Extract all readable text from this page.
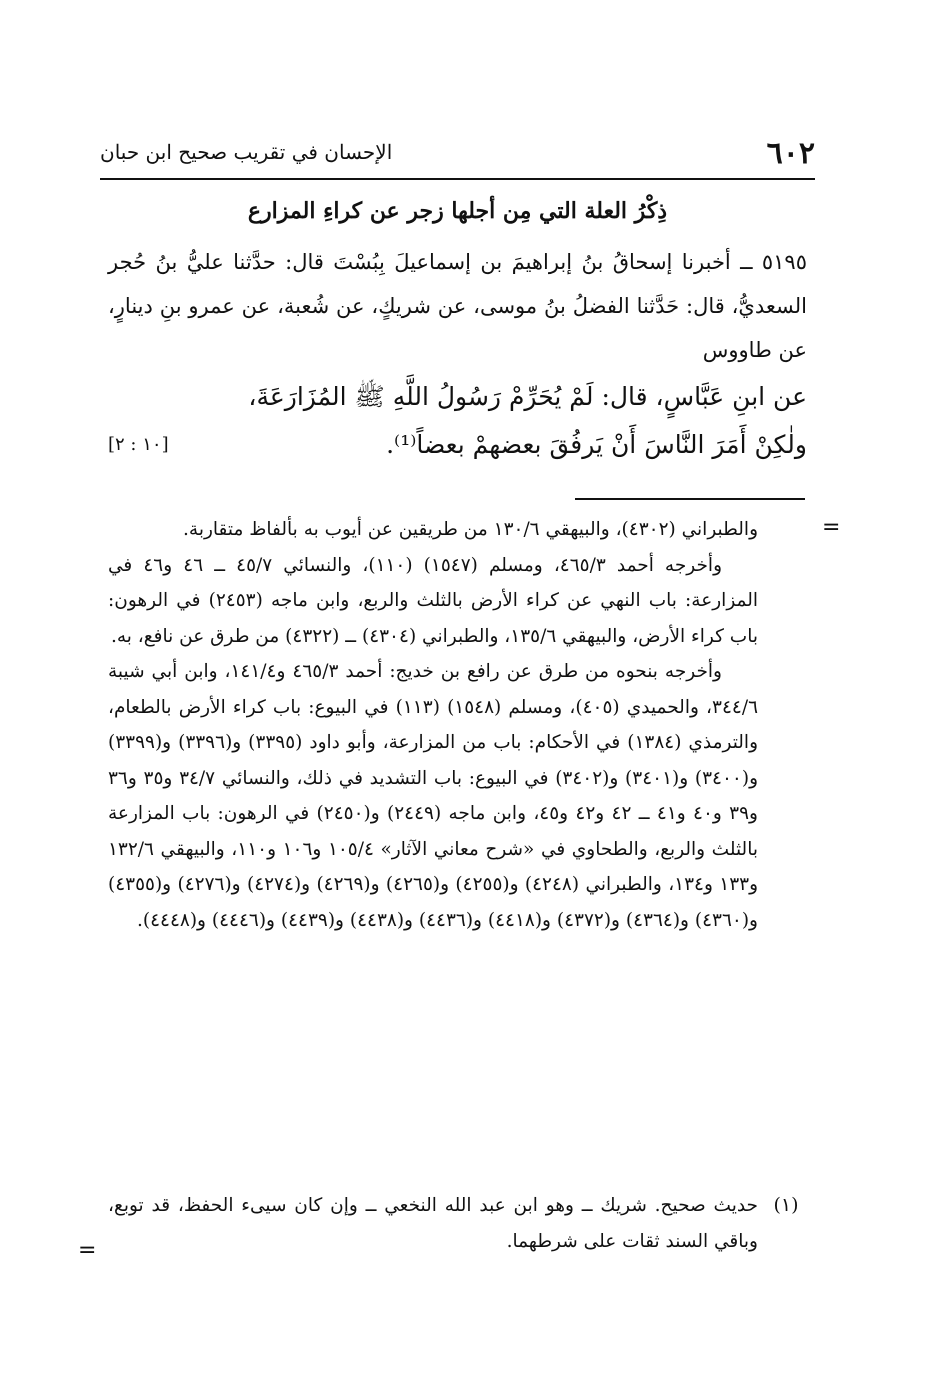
٦٠٢
الإحسان في تقريب صحيح ابن حبان
ذِكْرُ العلة التي مِن أجلها زجر عن كراءِ المزارع

٥١٩٥ ــ أخبرنا إسحاقُ بنُ إبراهيمَ بن إسماعيلَ بِبُسْتَ قال: حدَّثنا عليُّ بنُ حُجر السعديُّ، قال: حَدَّثنا الفضلُ بنُ موسى، عن شريكٍ، عن شُعبة، عن عمرو بنِ دينارٍ، عن طاووس

عن ابنِ عَبَّاسٍ، قال: لَمْ يُحَرِّمْ رَسُولُ اللَّهِ ﷺ المُزَارَعَةَ،

ولٰكِنْ أَمَرَ النَّاسَ أَنْ يَرفُقَ بعضهمْ بعضاً⁽¹⁾.
[١٠ : ٢]

=

والطبراني (٤٣٠٢)، والبيهقي ١٣٠/٦ من طريقين عن أيوب به بألفاظ متقاربة.

وأخرجه أحمد ٤٦٥/٣، ومسلم (١٥٤٧) (١١٠)، والنسائي ٤٥/٧ ــ ٤٦ و٤٦ في المزارعة: باب النهي عن كراء الأرض بالثلث والربع، وابن ماجه (٢٤٥٣) في الرهون: باب كراء الأرض، والبيهقي ١٣٥/٦، والطبراني (٤٣٠٤) ــ (٤٣٢٢) من طرق عن نافع، به.

وأخرجه بنحوه من طرق عن رافع بن خديج: أحمد ٤٦٥/٣ و١٤١/٤، وابن أبي شيبة ٣٤٤/٦، والحميدي (٤٠٥)، ومسلم (١٥٤٨) (١١٣) في البيوع: باب كراء الأرض بالطعام، والترمذي (١٣٨٤) في الأحكام: باب من المزارعة، وأبو داود (٣٣٩٥) و(٣٣٩٦) و(٣٣٩٩) و(٣٤٠٠) و(٣٤٠١) و(٣٤٠٢) في البيوع: باب التشديد في ذلك، والنسائي ٣٤/٧ و٣٥ و٣٦ و٣٩ و٤٠ و٤١ ــ ٤٢ و٤٢ و٤٥، وابن ماجه (٢٤٤٩) و(٢٤٥٠) في الرهون: باب المزارعة بالثلث والربع، والطحاوي في «شرح معاني الآثار» ١٠٥/٤ و١٠٦ و١١٠، والبيهقي ١٣٢/٦ و١٣٣ و١٣٤، والطبراني (٤٢٤٨) و(٤٢٥٥) و(٤٢٦٥) و(٤٢٦٩) و(٤٢٧٤) و(٤٢٧٦) و(٤٣٥٥) و(٤٣٦٠) و(٤٣٦٤) و(٤٣٧٢) و(٤٤١٨) و(٤٤٣٦) و(٤٤٣٨) و(٤٤٣٩) و(٤٤٤٦) و(٤٤٤٨).

(١)

حديث صحيح. شريك ــ وهو ابن عبد الله النخعي ــ وإن كان سيىء الحفظ، قد توبع، وباقي السند ثقات على شرطهما.

=
